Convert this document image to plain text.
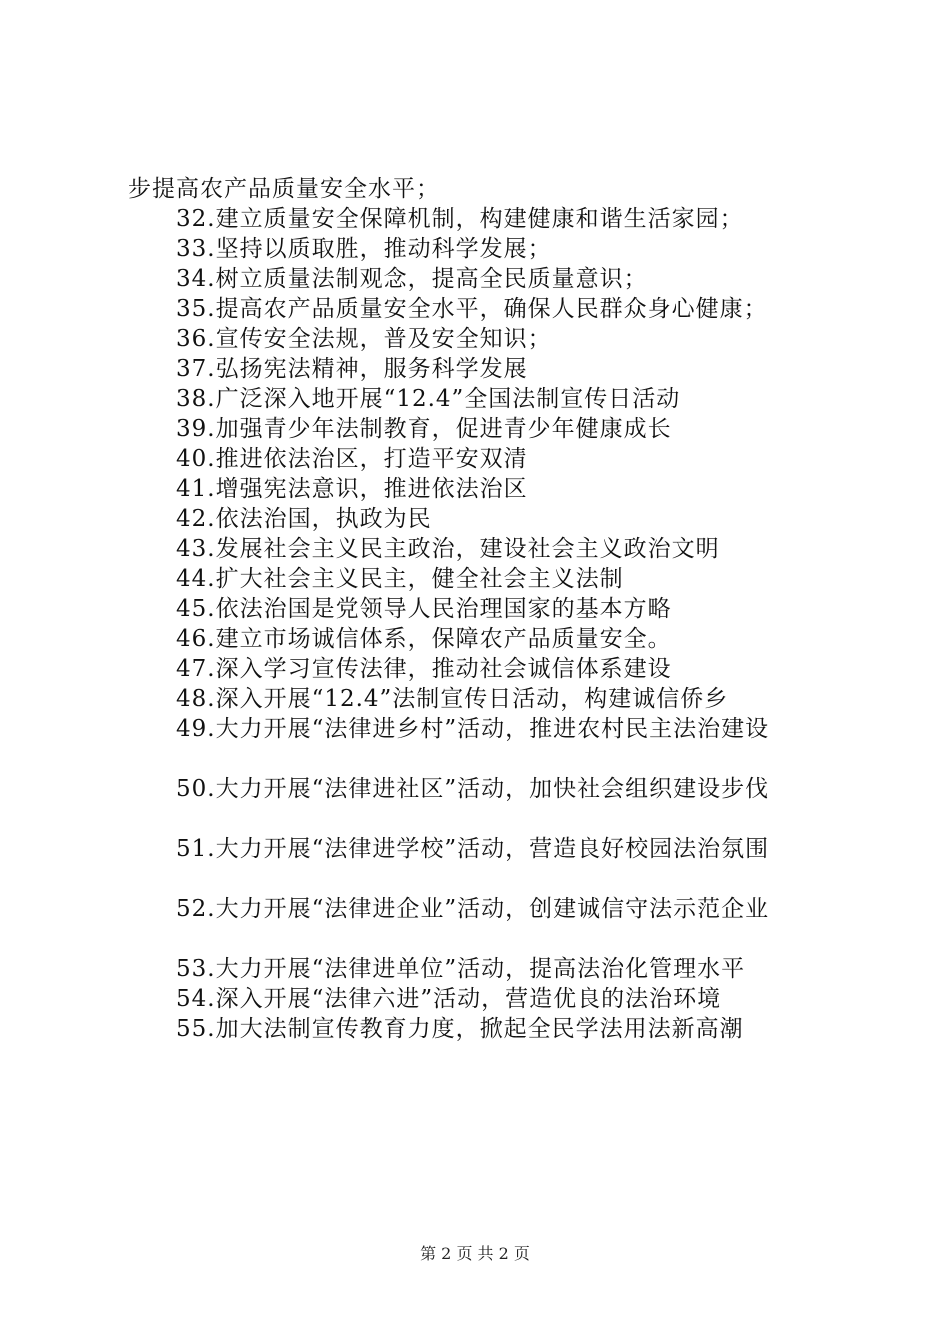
步提高农产品质量安全水平；
32.建立质量安全保障机制，构建健康和谐生活家园；
33.坚持以质取胜，推动科学发展；
34.树立质量法制观念，提高全民质量意识；
35.提高农产品质量安全水平，确保人民群众身心健康；
36.宣传安全法规，普及安全知识；
37.弘扬宪法精神，服务科学发展
38.广泛深入地开展“12.4”全国法制宣传日活动
39.加强青少年法制教育，促进青少年健康成长
40.推进依法治区，打造平安双清
41.增强宪法意识，推进依法治区
42.依法治国，执政为民
43.发展社会主义民主政治，建设社会主义政治文明
44.扩大社会主义民主，健全社会主义法制
45.依法治国是党领导人民治理国家的基本方略
46.建立市场诚信体系，保障农产品质量安全。
47.深入学习宣传法律，推动社会诚信体系建设
48.深入开展“12.4”法制宣传日活动，构建诚信侨乡
49.大力开展“法律进乡村”活动，推进农村民主法治建设
50.大力开展“法律进社区”活动，加快社会组织建设步伐
51.大力开展“法律进学校”活动，营造良好校园法治氛围
52.大力开展“法律进企业”活动，创建诚信守法示范企业
53.大力开展“法律进单位”活动，提高法治化管理水平
54.深入开展“法律六进”活动，营造优良的法治环境
55.加大法制宣传教育力度，掀起全民学法用法新高潮
第 2 页 共 2 页
